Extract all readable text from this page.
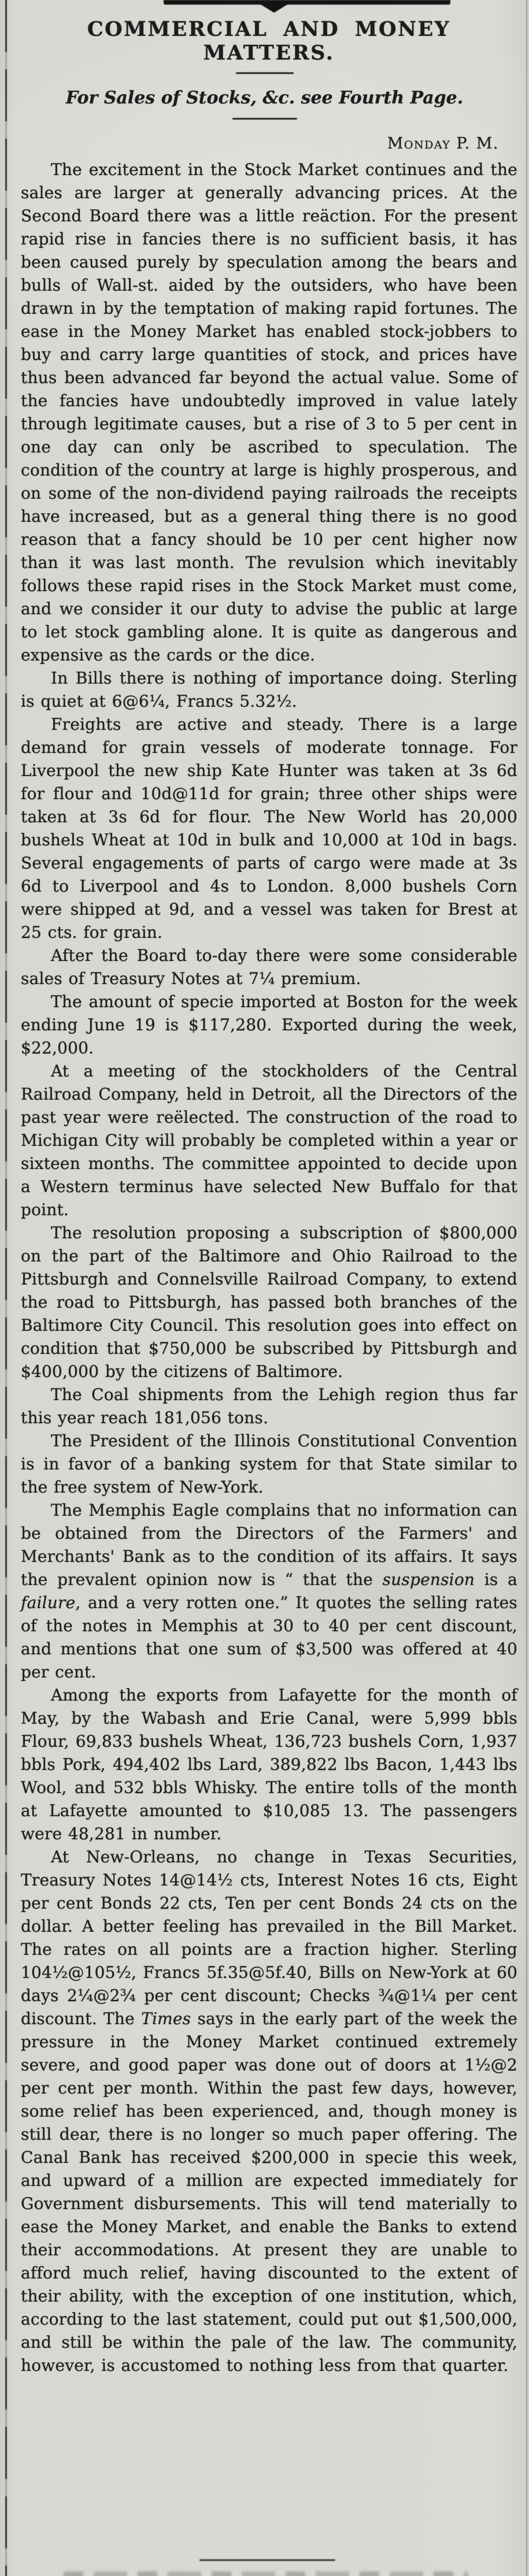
COMMERCIAL AND MONEY MATTERS.
For Sales of Stocks, &c. see Fourth Page.
Monday P. M.

The excitement in the Stock Market continues and the sales are larger at generally advancing prices. At the Second Board there was a little reäction. For the present rapid rise in fancies there is no sufficient basis, it has been caused purely by speculation among the bears and bulls of Wall-st. aided by the outsiders, who have been drawn in by the temptation of making rapid fortunes. The ease in the Money Market has enabled stock-jobbers to buy and carry large quantities of stock, and prices have thus been advanced far beyond the actual value. Some of the fancies have undoubtedly improved in value lately through legitimate causes, but a rise of 3 to 5 per cent in one day can only be ascribed to speculation. The condition of the country at large is highly prosperous, and on some of the non-dividend paying railroads the receipts have increased, but as a general thing there is no good reason that a fancy should be 10 per cent higher now than it was last month. The revulsion which inevitably follows these rapid rises in the Stock Market must come, and we consider it our duty to advise the public at large to let stock gambling alone. It is quite as dangerous and expensive as the cards or the dice.

In Bills there is nothing of importance doing. Sterling is quiet at 6@6¼, Francs 5.32½.

Freights are active and steady. There is a large demand for grain vessels of moderate tonnage. For Liverpool the new ship Kate Hunter was taken at 3s 6d for flour and 10d@11d for grain; three other ships were taken at 3s 6d for flour. The New World has 20,000 bushels Wheat at 10d in bulk and 10,000 at 10d in bags. Several engagements of parts of cargo were made at 3s 6d to Liverpool and 4s to London. 8,000 bushels Corn were shipped at 9d, and a vessel was taken for Brest at 25 cts. for grain.

After the Board to-day there were some considerable sales of Treasury Notes at 7¼ premium.

The amount of specie imported at Boston for the week ending June 19 is $117,280. Exported during the week, $22,000.

At a meeting of the stockholders of the Central Railroad Company, held in Detroit, all the Directors of the past year were reëlected. The construction of the road to Michigan City will probably be completed within a year or sixteen months. The committee appointed to decide upon a Western terminus have selected New Buffalo for that point.

The resolution proposing a subscription of $800,000 on the part of the Baltimore and Ohio Railroad to the Pittsburgh and Connelsville Railroad Company, to extend the road to Pittsburgh, has passed both branches of the Baltimore City Council. This resolution goes into effect on condition that $750,000 be subscribed by Pittsburgh and $400,000 by the citizens of Baltimore.

The Coal shipments from the Lehigh region thus far this year reach 181,056 tons.

The President of the Illinois Constitutional Convention is in favor of a banking system for that State similar to the free system of New-York.

The Memphis Eagle complains that no information can be obtained from the Directors of the Farmers' and Merchants' Bank as to the condition of its affairs. It says the prevalent opinion now is “ that the suspension is a failure, and a very rotten one.” It quotes the selling rates of the notes in Memphis at 30 to 40 per cent discount, and mentions that one sum of $3,500 was offered at 40 per cent.

Among the exports from Lafayette for the month of May, by the Wabash and Erie Canal, were 5,999 bbls Flour, 69,833 bushels Wheat, 136,723 bushels Corn, 1,937 bbls Pork, 494,402 lbs Lard, 389,822 lbs Bacon, 1,443 lbs Wool, and 532 bbls Whisky. The entire tolls of the month at Lafayette amounted to $10,085 13. The passengers were 48,281 in number.

At New-Orleans, no change in Texas Securities, Treasury Notes 14@14½ cts, Interest Notes 16 cts, Eight per cent Bonds 22 cts, Ten per cent Bonds 24 cts on the dollar. A better feeling has prevailed in the Bill Market. The rates on all points are a fraction higher. Sterling 104½@105½, Francs 5f.35@5f.40, Bills on New-York at 60 days 2¼@2¾ per cent discount; Checks ¾@1¼ per cent discount. The Times says in the early part of the week the pressure in the Money Market continued extremely severe, and good paper was done out of doors at 1½@2 per cent per month. Within the past few days, however, some relief has been experienced, and, though money is still dear, there is no longer so much paper offering. The Canal Bank has received $200,000 in specie this week, and upward of a million are expected immediately for Government disbursements. This will tend materially to ease the Money Market, and enable the Banks to extend their accommodations. At present they are unable to afford much relief, having discounted to the extent of their ability, with the exception of one institution, which, according to the last statement, could put out $1,500,000, and still be within the pale of the law. The community, however, is accustomed to nothing less from that quarter.
